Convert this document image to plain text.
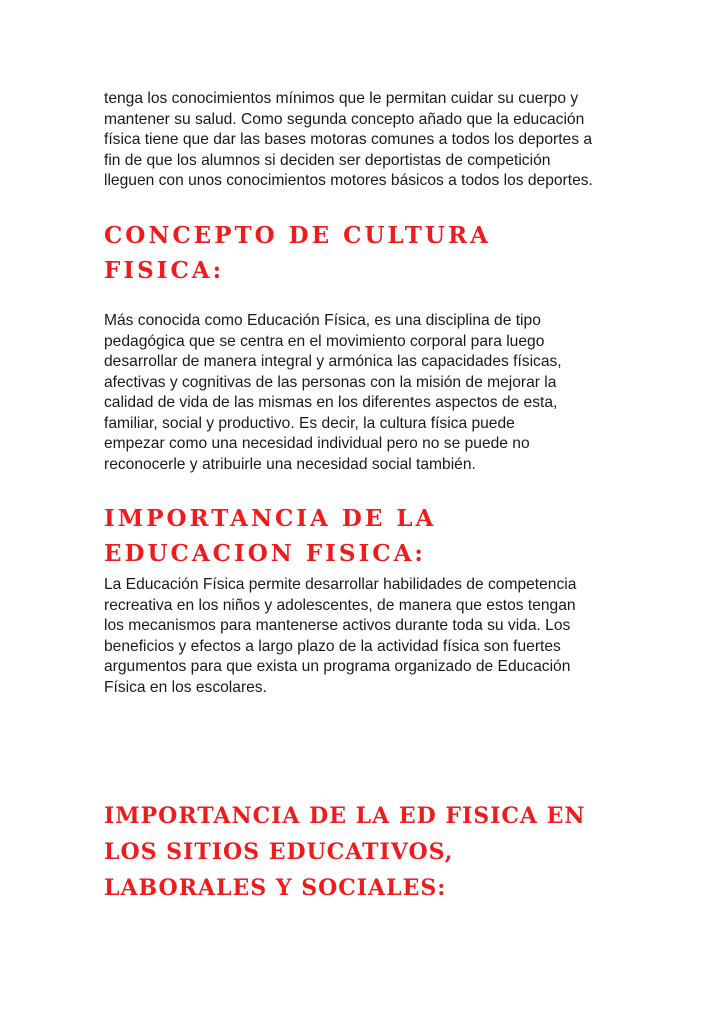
tenga los conocimientos mínimos que le permitan cuidar su cuerpo y
mantener su salud. Como segunda concepto añado que la educación
física tiene que dar las bases motoras comunes a todos los deportes a
fin de que los alumnos si deciden ser deportistas de competición
lleguen con unos conocimientos motores básicos a todos los deportes.

CONCEPTO DE CULTURA
FISICA:

Más conocida como Educación Física, es una disciplina de tipo
pedagógica que se centra en el movimiento corporal para luego
desarrollar de manera integral y armónica las capacidades físicas,
afectivas y cognitivas de las personas con la misión de mejorar la
calidad de vida de las mismas en los diferentes aspectos de esta,
familiar, social y productivo. Es decir, la cultura física puede
empezar como una necesidad individual pero no se puede no
reconocerle y atribuirle una necesidad social también.

IMPORTANCIA DE LA
EDUCACION FISICA:

La Educación Física permite desarrollar habilidades de competencia
recreativa en los niños y adolescentes, de manera que estos tengan
los mecanismos para mantenerse activos durante toda su vida. Los
beneficios y efectos a largo plazo de la actividad física son fuertes
argumentos para que exista un programa organizado de Educación
Física en los escolares.

IMPORTANCIA DE LA ED FISICA EN
LOS SITIOS EDUCATIVOS,
LABORALES Y SOCIALES:
